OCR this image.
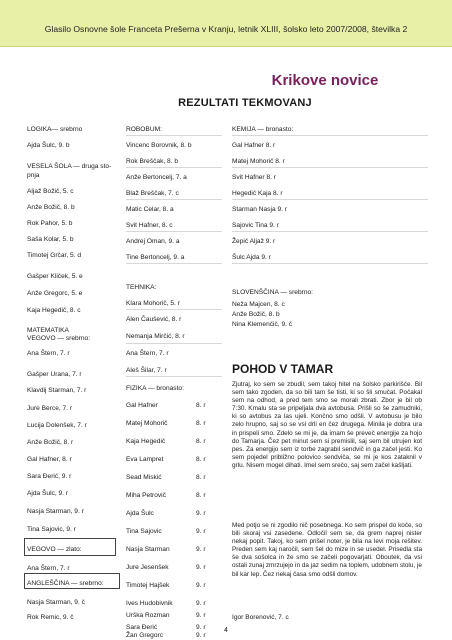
Glasilo Osnovne šole Franceta Prešerna v Kranju, letnik XLIII, šolsko leto 2007/2008, številka 2
Krikove novice
REZULTATI TEKMOVANJ
LOGIKA— srebrno
Ajda Šulc, 9. b
VESELA ŠOLA — druga sto-
pnja
Aljaž Božič, 5. c
Anže Božič, 8. b
Rok Pahor, 5. b
Saša Kolar, 5. b
Timotej Grčar, 5. d
Gašper Kliček, 5. e
Anže Gregorc, 5. e
Kaja Hegedič, 8. c
MATEMATIKA
VEGOVO — srebrno:
Ana Štern, 7. r
Gašper Urana, 7. r
Klavdij Starman, 7. r
Jure Berce, 7. r
Lucija Dolenšek, 7. r
Anže Božič, 8. r
Gal Hafner, 8. r
Sara Đerić, 9. r
Ajda Šulc, 9. r
Nasja Starman, 9. r
Tina Sajovic, 9. r
VEGOVO — zlato:
Ana Štern, 7. r
ANGLEŠČINA — srebrno:
Nasja Starman, 9. č
Rok Remic, 9. č
ROBOBUM:
Vincenc Borovnik, 8. b
Rok Breščak, 8. b
Anže Bertoncelj, 7. a
Blaž Breščak, 7. c
Matic Celar, 8. a
Svit Hafner, 8. c
Andrej Oman, 9. a
Tine Bertoncelj, 9. a
TEHNIKA:
Klara Mohorič, 5. r
Alen Čaušević, 8. r
Nemanja Mirčić, 8. r
Ana Štern, 7. r
Aleš Šilar, 7. r
FIZIKA — bronasto:
Gal Hafner	8. r
Matej Mohorič	8. r
Kaja Hegedič	8. r
Eva Lampret	8. r
Sead Miskić	8. r
Miha Petrovič	8. r
Ajda Šulc	9. r
Tina Sajovic	9. r
Nasja Starman	9. r
Jure Jesenšek	9. r
Timotej Hajšek	9. r
Ives Hudobivnik	9. r
Urška Rozman	9. r
Sara Đerić	9. r
Žan Gregorc	9. r
KEMIJA — bronasto:
Gal Hafner 8. r
Matej Mohorič 8. r
Svit Hafner 8. r
Hegedič Kaja 8. r
Starman Nasja 9. r
Sajovic Tina 9. r
Žepič Aljaž 9. r
Šulc Ajda 9. r
SLOVENŠČINA — srebrno:
Neža Majcen, 8. c
Anže Božič, 8. b
Nina Klemenčič, 9. č
POHOD V TAMAR
Zjutraj, ko sem se zbudil, sem takoj hitel na šolsko parkirišče. Bil sem tako zgoden, da so bili tam še tisti, ki so šli smučat. Počakal sem na odhod, a pred tem smo se morali zbrati. Zbor je bil ob 7:30. Kmalu sta se pripeljala dva avtobusa. Prišli so še zamudniki, ki so avtobus za las ujeli. Končno smo odšli. V avtobusu je bilo zelo hrupno, saj so se vsi drli en čez drugega. Minila je dobra ura in prispeli smo. Zdelo se mi je, da imam še preveč energije za hojo do Tamarja. Čez pet minut sem si premislil, saj sem bil utrujen kot pes. Za energijo sem iz torbe zagrabil sendvič in ga začel jesti. Ko sem pojedel približno polovico sendviča, se mi je kos zataknil v grlu. Nisem mogel dihati. Imel sem srečo, saj sem začel kašljati.
Med potjo se ni zgodilo nič posebnega. Ko sem prispel do koče, so bili skoraj vsi zasedene. Odločil sem se, da grem naprej nister nekaj popit. Takoj, ko sem prišel noter, je bila na levi moja rešitev. Preden sem kaj naročil, sem šel do mize in se usedel. Prisedla sta še dva sošolca in že smo se začeli pogovarjati. Oboutek, da vsi ostali zunaj zmrzujejo in da jaz sedim na toplem, udobnem stolu, je bil kar lep. Čez nekaj časa smo odšli domov.
Igor Borenović, 7. c
4
